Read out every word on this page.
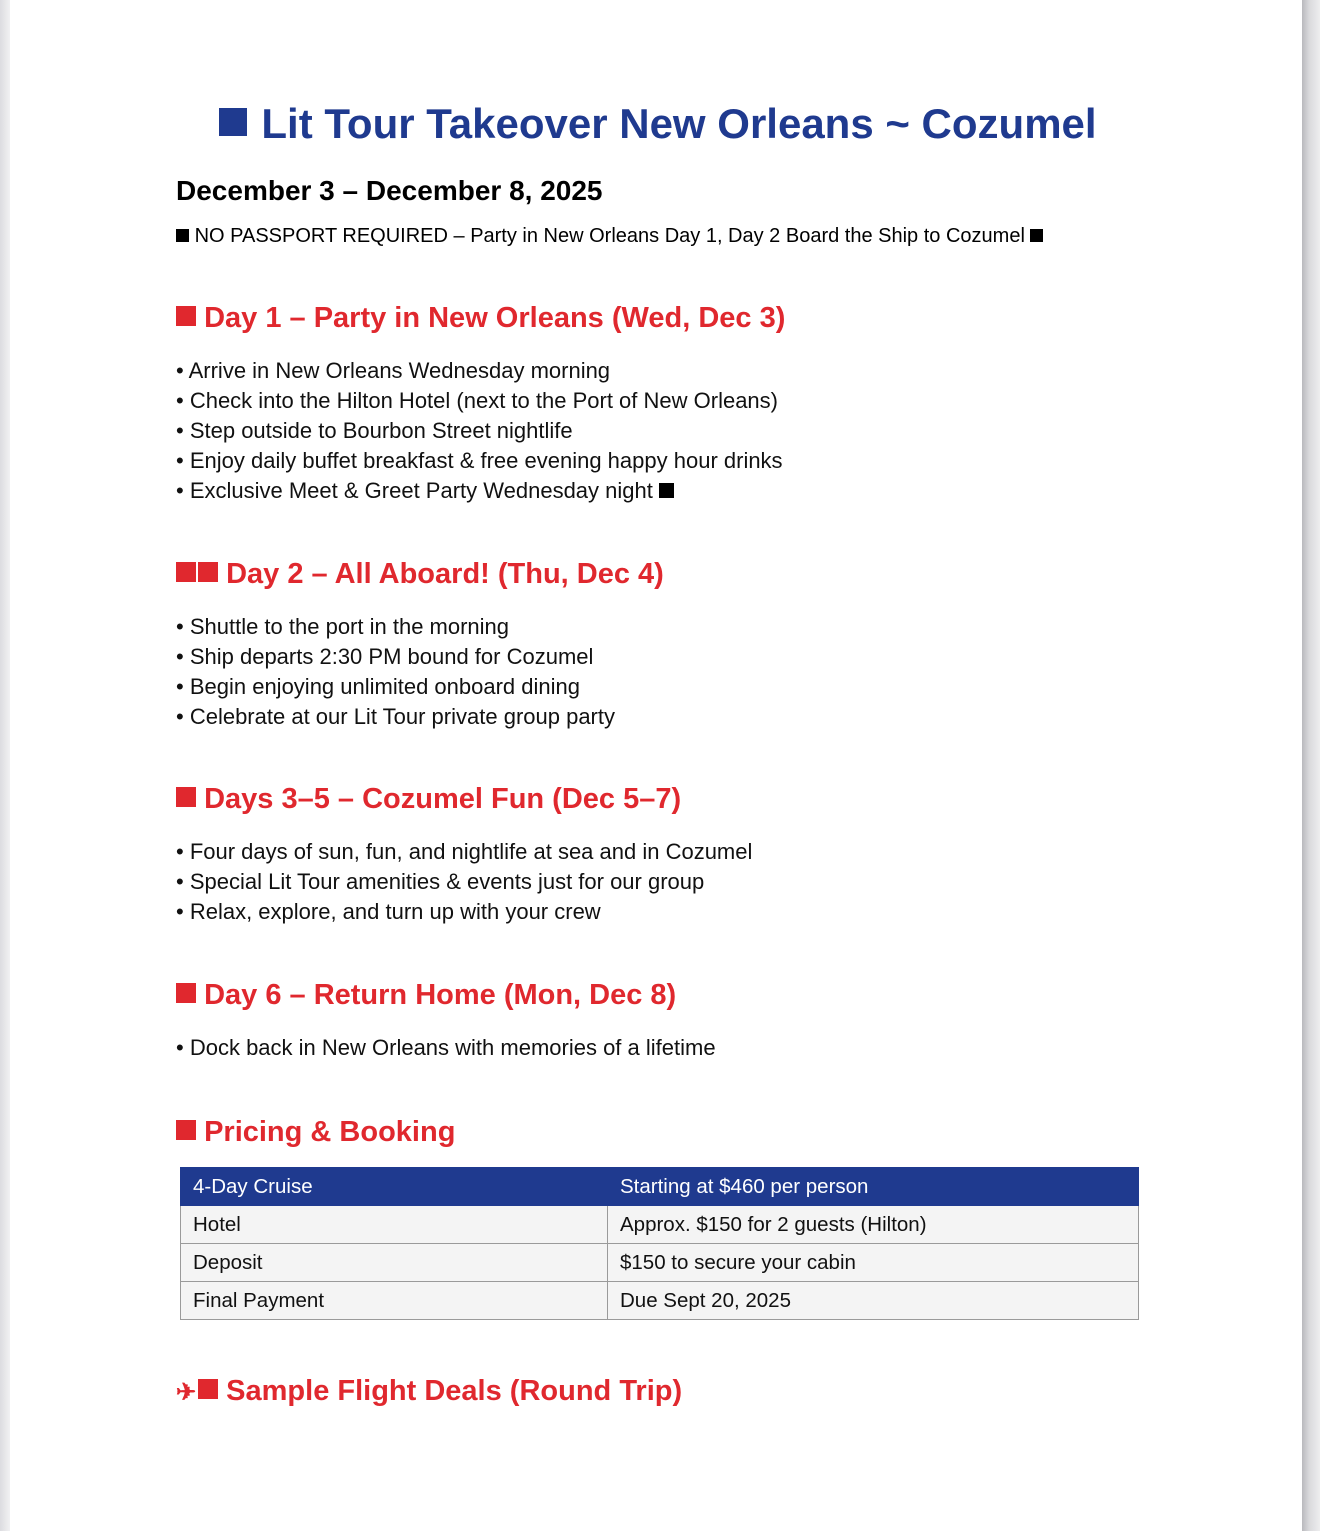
Lit Tour Takeover New Orleans ~ Cozumel
December 3 – December 8, 2025
NO PASSPORT REQUIRED – Party in New Orleans Day 1, Day 2 Board the Ship to Cozumel
Day 1 – Party in New Orleans (Wed, Dec 3)
• Arrive in New Orleans Wednesday morning
• Check into the Hilton Hotel (next to the Port of New Orleans)
• Step outside to Bourbon Street nightlife
• Enjoy daily buffet breakfast & free evening happy hour drinks
• Exclusive Meet & Greet Party Wednesday night
Day 2 – All Aboard! (Thu, Dec 4)
• Shuttle to the port in the morning
• Ship departs 2:30 PM bound for Cozumel
• Begin enjoying unlimited onboard dining
• Celebrate at our Lit Tour private group party
Days 3–5 – Cozumel Fun (Dec 5–7)
• Four days of sun, fun, and nightlife at sea and in Cozumel
• Special Lit Tour amenities & events just for our group
• Relax, explore, and turn up with your crew
Day 6 – Return Home (Mon, Dec 8)
• Dock back in New Orleans with memories of a lifetime
Pricing & Booking
4-Day Cruise	Starting at $460 per person
Hotel	Approx. $150 for 2 guests (Hilton)
Deposit	$150 to secure your cabin
Final Payment	Due Sept 20, 2025
✈ Sample Flight Deals (Round Trip)
